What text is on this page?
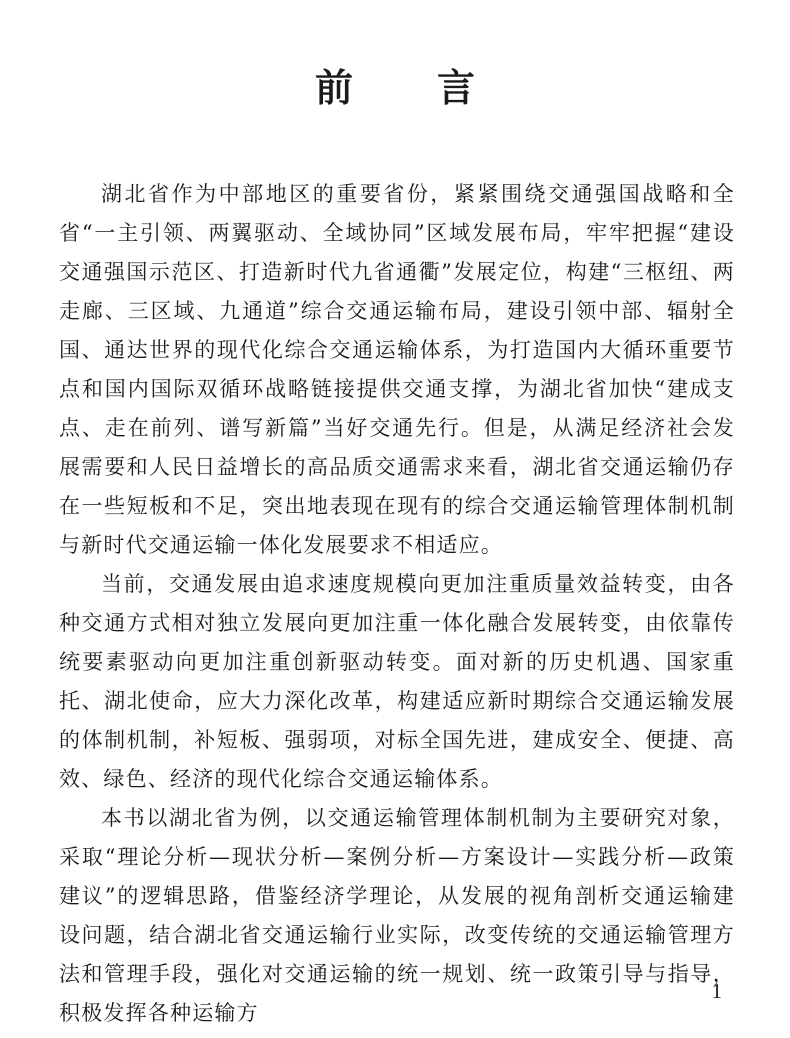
前 言

湖北省作为中部地区的重要省份，紧紧围绕交通强国战略和全省“一主引领、两翼驱动、全域协同”区域发展布局，牢牢把握“建设交通强国示范区、打造新时代九省通衢”发展定位，构建“三枢纽、两走廊、三区域、九通道”综合交通运输布局，建设引领中部、辐射全国、通达世界的现代化综合交通运输体系，为打造国内大循环重要节点和国内国际双循环战略链接提供交通支撑，为湖北省加快“建成支点、走在前列、谱写新篇”当好交通先行。但是，从满足经济社会发展需要和人民日益增长的高品质交通需求来看，湖北省交通运输仍存在一些短板和不足，突出地表现在现有的综合交通运输管理体制机制与新时代交通运输一体化发展要求不相适应。

当前，交通发展由追求速度规模向更加注重质量效益转变，由各种交通方式相对独立发展向更加注重一体化融合发展转变，由依靠传统要素驱动向更加注重创新驱动转变。面对新的历史机遇、国家重托、湖北使命，应大力深化改革，构建适应新时期综合交通运输发展的体制机制，补短板、强弱项，对标全国先进，建成安全、便捷、高效、绿色、经济的现代化综合交通运输体系。

本书以湖北省为例，以交通运输管理体制机制为主要研究对象，采取“理论分析—现状分析—案例分析—方案设计—实践分析—政策建议”的逻辑思路，借鉴经济学理论，从发展的视角剖析交通运输建设问题，结合湖北省交通运输行业实际，改变传统的交通运输管理方法和管理手段，强化对交通运输的统一规划、统一政策引导与指导，积极发挥各种运输方

1
